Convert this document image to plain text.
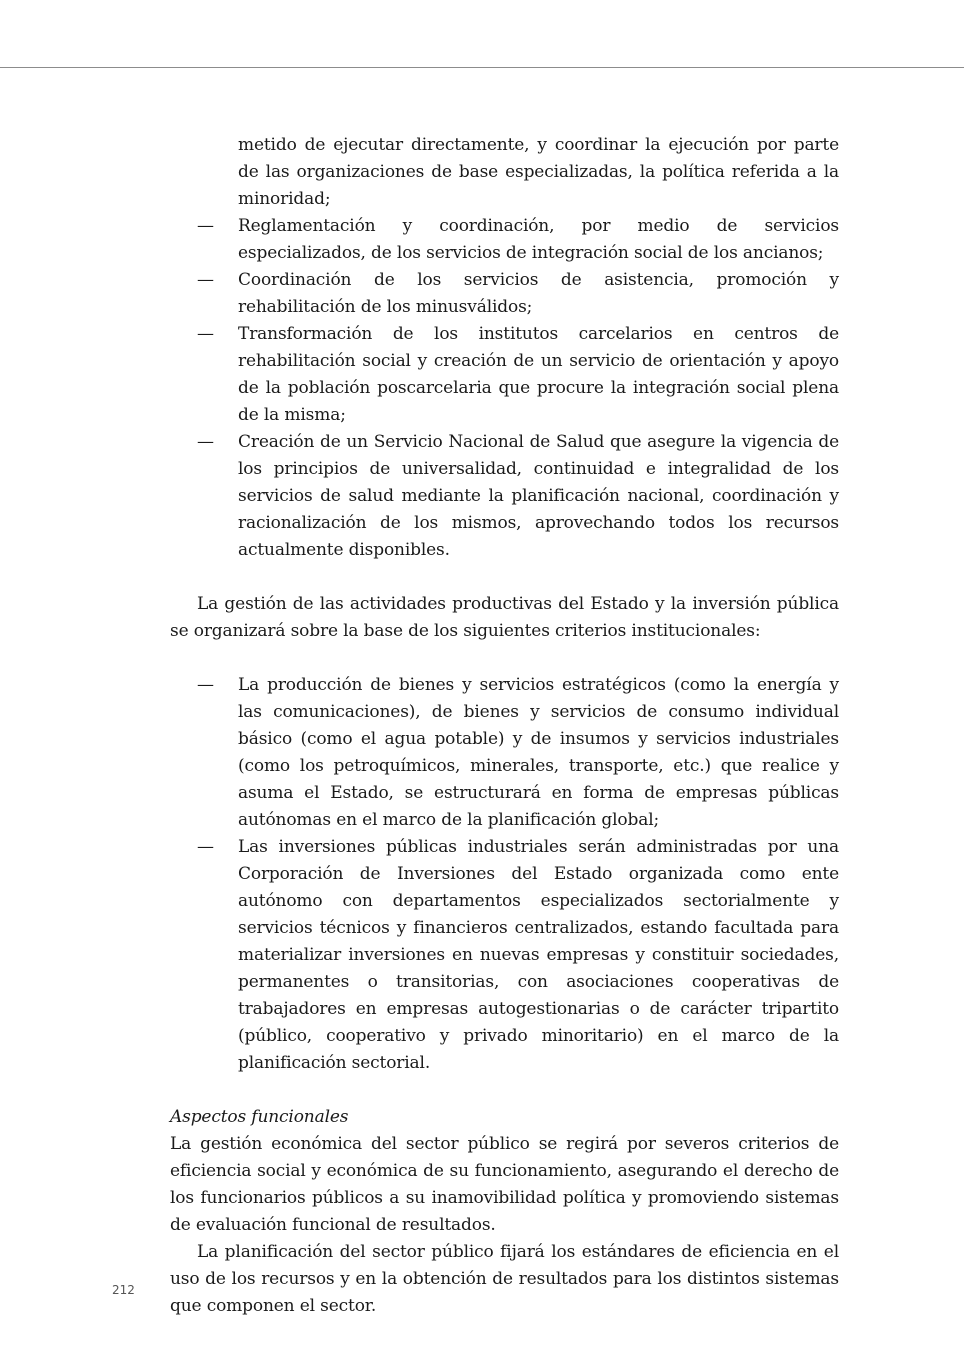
metido de ejecutar directamente, y coordinar la ejecución por parte de las organizaciones de base especializadas, la política referida a la minoridad;

—	Reglamentación y coordinación, por medio de servicios especializados, de los servicios de integración social de los ancianos;
—	Coordinación de los servicios de asistencia, promoción y rehabilitación de los minusválidos;
—	Transformación de los institutos carcelarios en centros de rehabilitación social y creación de un servicio de orientación y apoyo de la población poscarcelaria que procure la integración social plena de la misma;
—	Creación de un Servicio Nacional de Salud que asegure la vigencia de los principios de universalidad, continuidad e integralidad de los servicios de salud mediante la planificación nacional, coordinación y racionalización de los mismos, aprovechando todos los recursos actualmente disponibles.

La gestión de las actividades productivas del Estado y la inversión pública se organizará sobre la base de los siguientes criterios institucionales:

—	La producción de bienes y servicios estratégicos (como la energía y las comunicaciones), de bienes y servicios de consumo individual básico (como el agua potable) y de insumos y servicios industriales (como los petroquímicos, minerales, transporte, etc.) que realice y asuma el Estado, se estructurará en forma de empresas públicas autónomas en el marco de la planificación global;
—	Las inversiones públicas industriales serán administradas por una Corporación de Inversiones del Estado organizada como ente autónomo con departamentos especializados sectorialmente y servicios técnicos y financieros centralizados, estando facultada para materializar inversiones en nuevas empresas y constituir sociedades, permanentes o transitorias, con asociaciones cooperativas de trabajadores en empresas autogestionarias o de carácter tripartito (público, cooperativo y privado minoritario) en el marco de la planificación sectorial.

Aspectos funcionales

La gestión económica del sector público se regirá por severos criterios de eficiencia social y económica de su funcionamiento, asegurando el derecho de los funcionarios públicos a su inamovibilidad política y promoviendo sistemas de evaluación funcional de resultados.

La planificación del sector público fijará los estándares de eficiencia en el uso de los recursos y en la obtención de resultados para los distintos sistemas que componen el sector.

212
